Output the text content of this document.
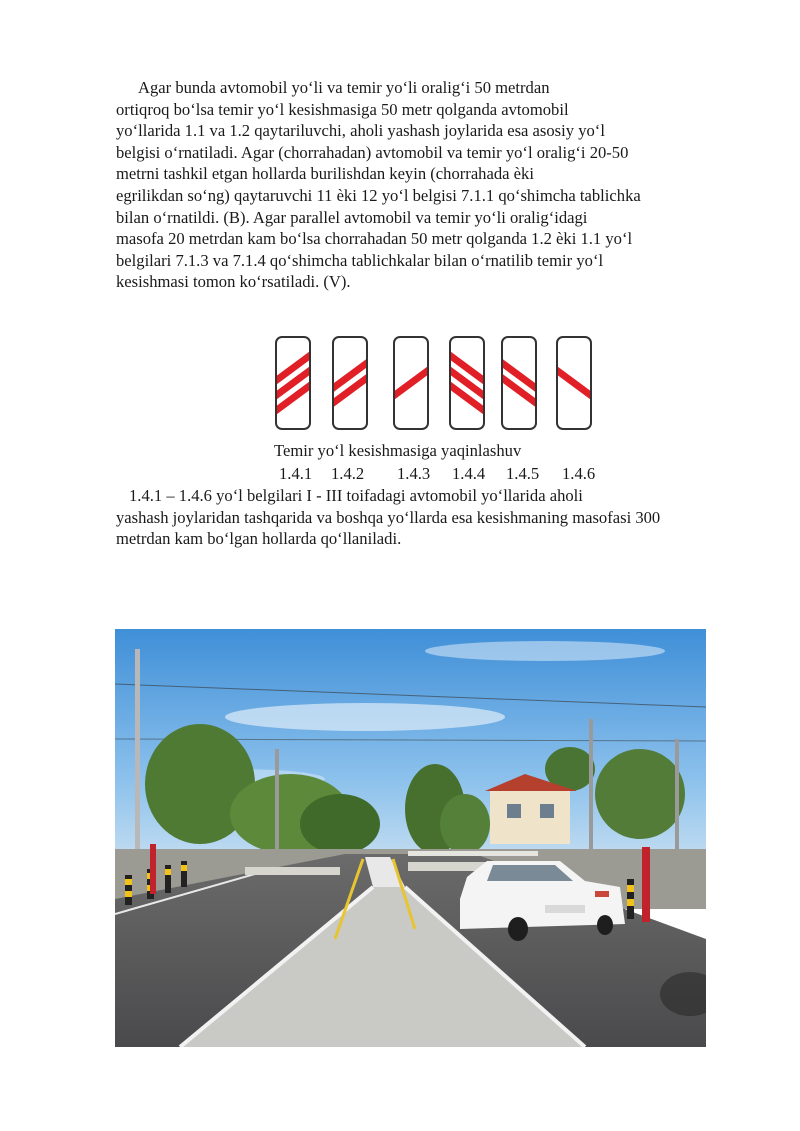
Agar bunda avtomobil yo‘li va temir yo‘li oralig‘i 50 metrdan
ortiqroq bo‘lsa temir yo‘l kesishmasiga 50 metr qolganda avtomobil
yo‘llarida 1.1 va 1.2 qaytariluvchi, aholi yashash joylarida esa asosiy yo‘l
belgisi o‘rnatiladi. Agar (chorrahadan) avtomobil va temir yo‘l oralig‘i 20-50
metrni tashkil etgan hollarda burilishdan keyin (chorrahada èki
egrilikdan so‘ng) qaytaruvchi 11 èki 12 yo‘l belgisi 7.1.1 qo‘shimcha tablichka
bilan o‘rnatildi. (B). Agar parallel avtomobil va temir yo‘li oralig‘idagi
masofa 20 metrdan kam bo‘lsa chorrahadan 50 metr qolganda 1.2 èki 1.1 yo‘l
belgilari 7.1.3 va 7.1.4 qo‘shimcha tablichkalar bilan o‘rnatilib temir yo‘l
kesishmasi tomon ko‘rsatiladi. (V).
Temir yo‘l kesishmasiga yaqinlashuv
1.4.1 1.4.2 1.4.3 1.4.4 1.4.5 1.4.6
1.4.1 – 1.4.6 yo‘l belgilari I - III toifadagi avtomobil yo‘llarida aholi
yashash joylaridan tashqarida va boshqa yo‘llarda esa kesishmaning masofasi 300
metrdan kam bo‘lgan hollarda qo‘llaniladi.
